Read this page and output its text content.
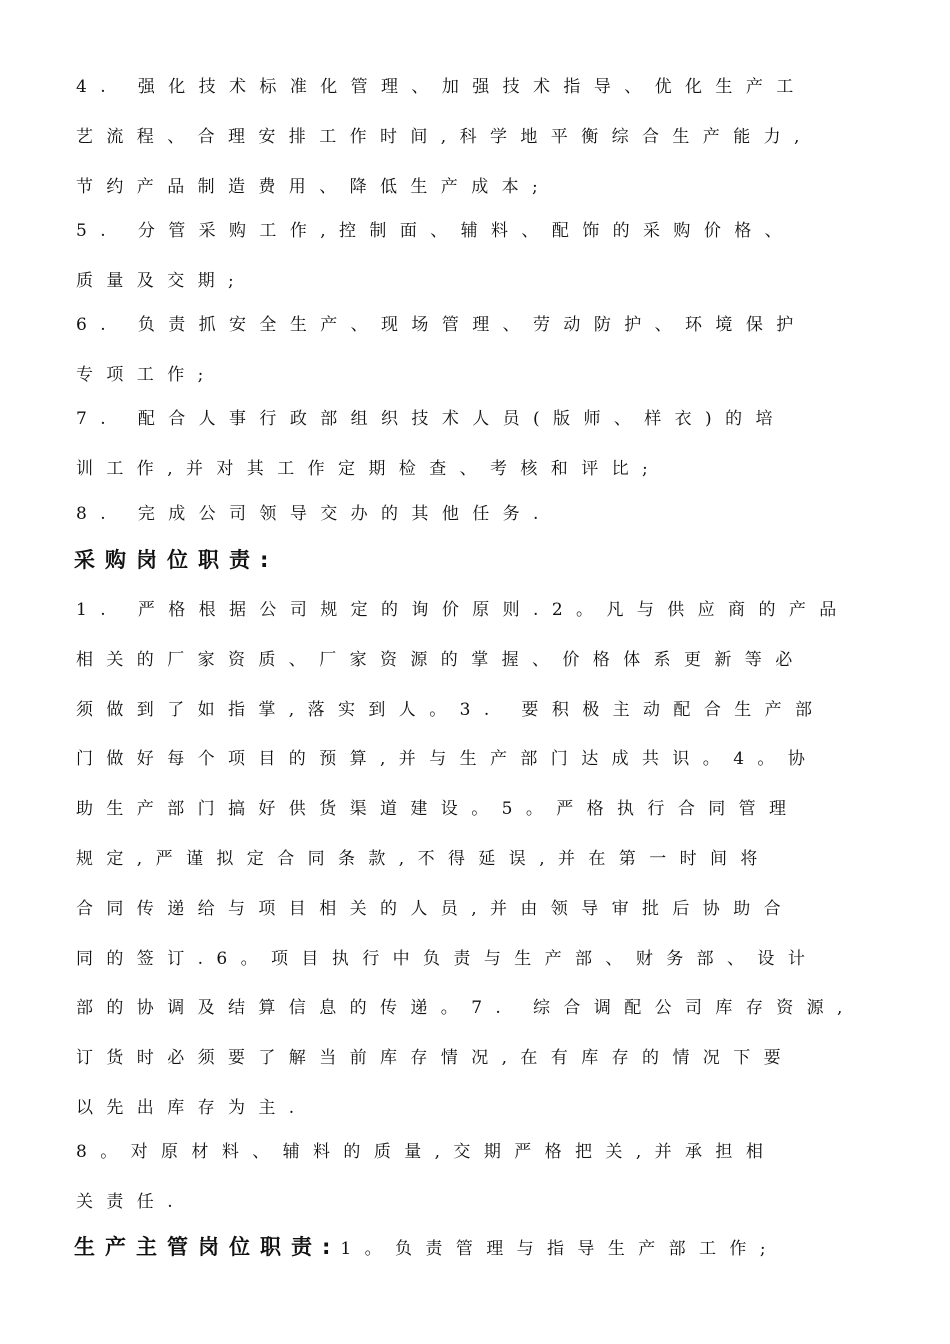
4. 强化技术标准化管理、加强技术指导、优化生产工
艺流程、合理安排工作时间,科学地平衡综合生产能力,
节约产品制造费用、降低生产成本;
5. 分管采购工作,控制面、辅料、配饰的采购价格、
质量及交期;
6. 负责抓安全生产、现场管理、劳动防护、环境保护
专项工作;
7. 配合人事行政部组织技术人员(版师、样衣)的培
训工作,并对其工作定期检查、考核和评比;
8. 完成公司领导交办的其他任务.
采购岗位职责:
1. 严格根据公司规定的询价原则.2。凡与供应商的产品
相关的厂家资质、厂家资源的掌握、价格体系更新等必
须做到了如指掌,落实到人。3. 要积极主动配合生产部
门做好每个项目的预算,并与生产部门达成共识。4。协
助生产部门搞好供货渠道建设。5。严格执行合同管理
规定,严谨拟定合同条款,不得延误,并在第一时间将
合同传递给与项目相关的人员,并由领导审批后协助合
同的签订.6。项目执行中负责与生产部、财务部、设计
部的协调及结算信息的传递。7. 综合调配公司库存资源,
订货时必须要了解当前库存情况,在有库存的情况下要
以先出库存为主.
8。对原材料、辅料的质量,交期严格把关,并承担相
关责任.
生产主管岗位职责:1。负责管理与指导生产部工作;
